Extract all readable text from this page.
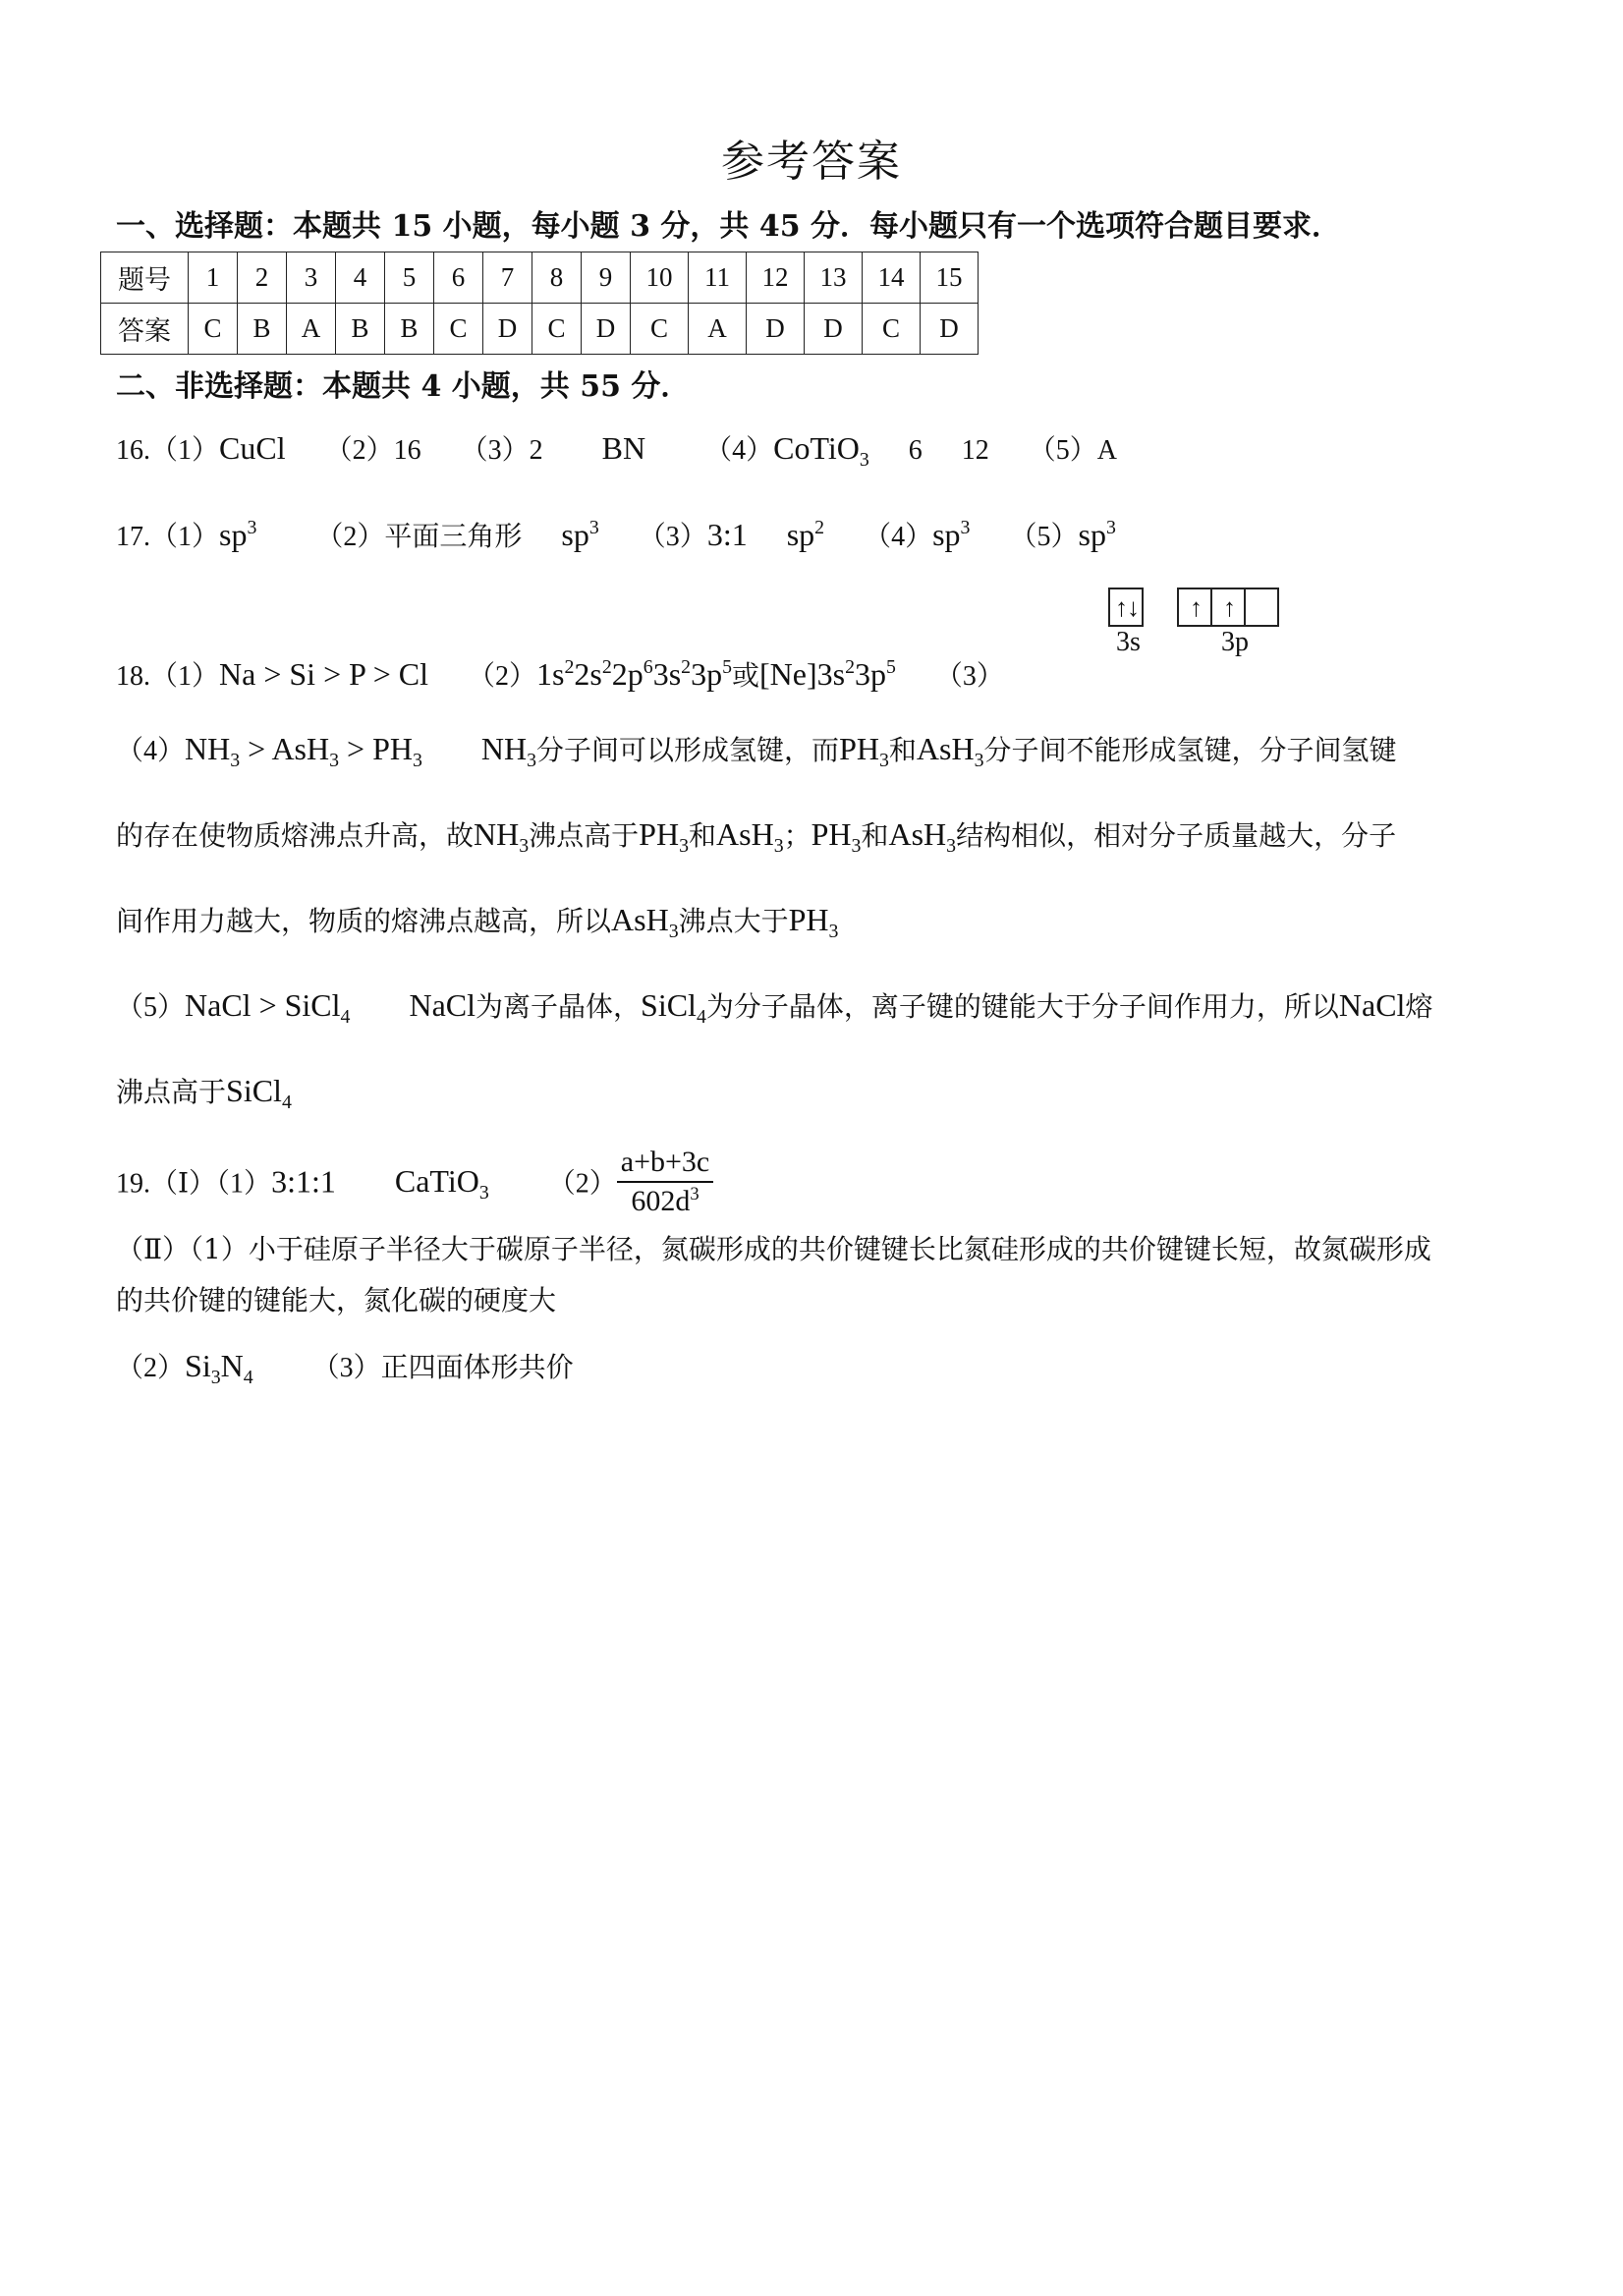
参考答案
一、选择题：本题共 15 小题，每小题 3 分，共 45 分．每小题只有一个选项符合题目要求．
题号	1	2	3	4	5	6	7	8	9	10	11	12	13	14	15
答案	C	B	A	B	B	C	D	C	D	C	A	D	D	C	D
二、非选择题：本题共 4 小题，共 55 分．
16.（1）CuCl （2）16 （3）2 BN （4）CoTiO$_3$ 6 12 （5）A
$17.(1)sp^3$ （2）平面三角形 $sp^3$ （3）3:1 $sp^2$ $(4)sp^3$ $(5)sp^3$
18.（1）Na > Si > P > Cl $(2)1s^22s^22p^63s^23p^5$或$[Ne]3s^23p^5$ （3）
↑ ↓ ↑ ↑
3s	3p
$(4)NH_3 > AsH_3 > PH_3$ $NH_3$分子间可以形成氢键，而$PH_3$和AsH$_3$分子间不能形成氢键，分子间氢键
的存在使物质熔沸点升高，故$NH_3$沸点高于$PH_3$和AsH$_3$；$PH_3$和AsH$_3$结构相似，相对分子质量越大，分子
间作用力越大，物质的熔沸点越高，所以AsH$_3$沸点大于$PH_3$
（5）NaCl > SiCl$_4$ NaCl为离子晶体，SiCl$_4$为分子晶体，离子键的键能大于分子间作用力，所以NaCl熔
沸点高于SiCl$_4$
19.（Ⅰ）（1）3:1:1 CaTiO$_3$ $(2) \frac{a+b+3c}{602d^3}$
（Ⅱ）（1）小于硅原子半径大于碳原子半径，氮碳形成的共价键键长比氮硅形成的共价键键长短，故氮碳形成
的共价键的键能大，氮化碳的硬度大
$(2)Si_3N_4$ （3）正四面体形共价
